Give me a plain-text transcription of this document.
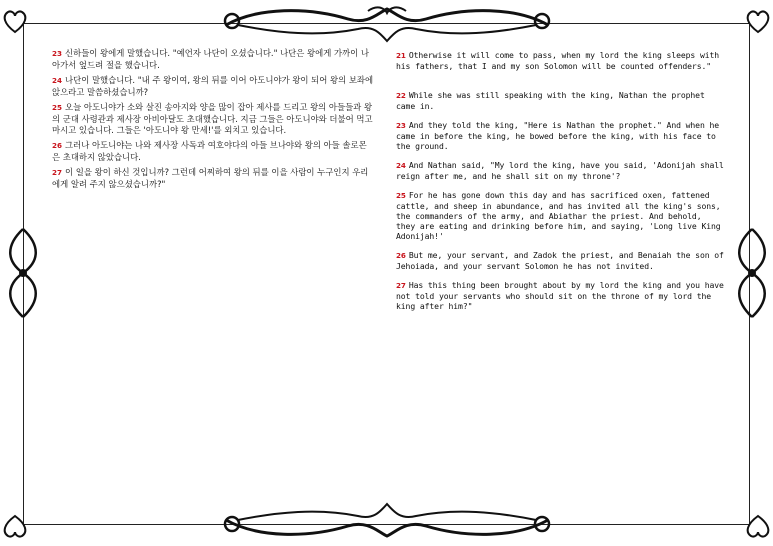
23 신하들이 왕에게 말했습니다. "예언자 나단이 오셨습니다." 나단은 왕에게 가까이 나아가서 엎드려 절을 했습니다.

24 나단이 말했습니다. "내 주 왕이여, 왕의 뒤를 이어 아도니야가 왕이 되어 왕의 보좌에 앉으라고 말씀하셨습니까?

25 오늘 아도니야가 소와 살진 송아지와 양을 많이 잡아 제사를 드리고 왕의 아들들과 왕의 군대 사령관과 제사장 아비아달도 초대했습니다. 지금 그들은 아도니야와 더불어 먹고 마시고 있습니다. 그들은 '아도니야 왕 만세!'를 외치고 있습니다.

26 그러나 아도니야는 나와 제사장 사독과 여호야다의 아들 브나야와 왕의 아들 솔로몬은 초대하지 않았습니다.

27 이 일을 왕이 하신 것입니까? 그런데 어찌하여 왕의 뒤를 이을 사람이 누구인지 우리에게 알려 주지 않으셨습니까?"

21 Otherwise it will come to pass, when my lord the king sleeps with his fathers, that I and my son Solomon will be counted offenders."

22 While she was still speaking with the king, Nathan the prophet came in.

23 And they told the king, "Here is Nathan the prophet." And when he came in before the king, he bowed before the king, with his face to the ground.

24 And Nathan said, "My lord the king, have you said, 'Adonijah shall reign after me, and he shall sit on my throne'?

25 For he has gone down this day and has sacrificed oxen, fattened cattle, and sheep in abundance, and has invited all the king's sons, the commanders of the army, and Abiathar the priest. And behold, they are eating and drinking before him, and saying, 'Long live King Adonijah!'

26 But me, your servant, and Zadok the priest, and Benaiah the son of Jehoiada, and your servant Solomon he has not invited.

27 Has this thing been brought about by my lord the king and you have not told your servants who should sit on the throne of my lord the king after him?"
